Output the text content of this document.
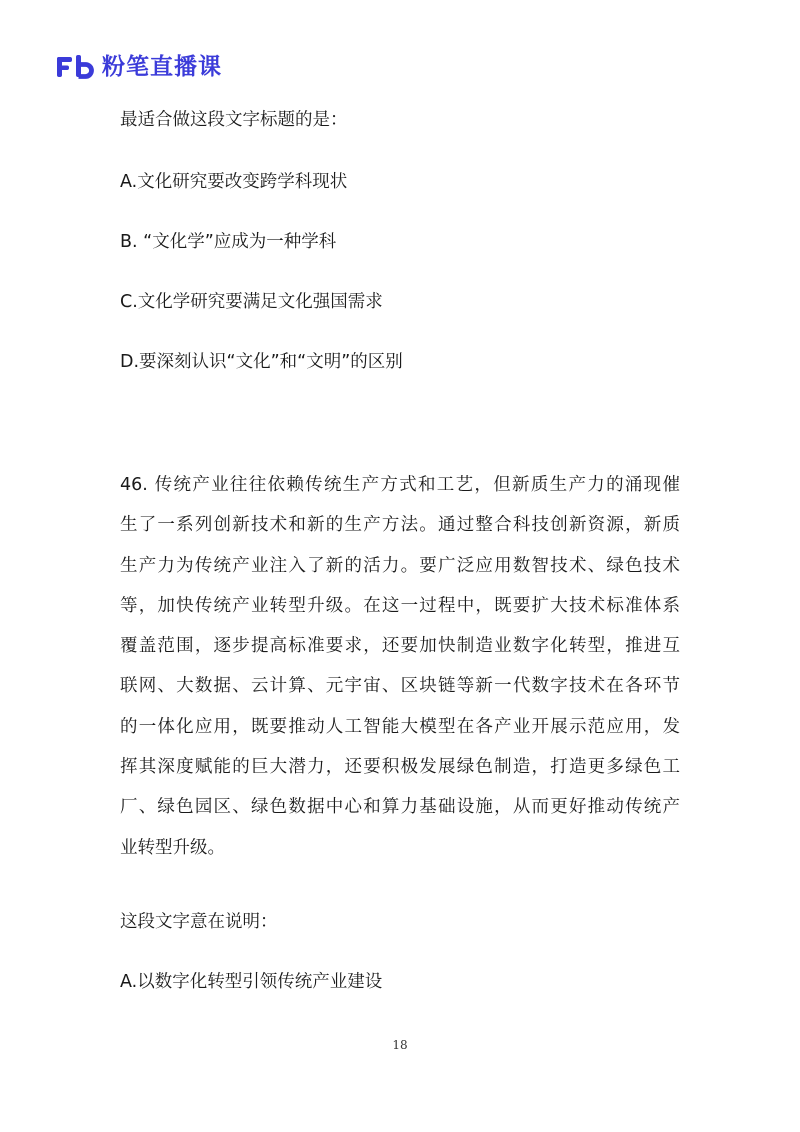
粉笔直播课
最适合做这段文字标题的是：
A.文化研究要改变跨学科现状
B. “文化学”应成为一种学科
C.文化学研究要满足文化强国需求
D.要深刻认识“文化”和“文明”的区别
46. 传统产业往往依赖传统生产方式和工艺，但新质生产力的涌现催
生了一系列创新技术和新的生产方法。通过整合科技创新资源，新质
生产力为传统产业注入了新的活力。要广泛应用数智技术、绿色技术
等，加快传统产业转型升级。在这一过程中，既要扩大技术标准体系
覆盖范围，逐步提高标准要求，还要加快制造业数字化转型，推进互
联网、大数据、云计算、元宇宙、区块链等新一代数字技术在各环节
的一体化应用，既要推动人工智能大模型在各产业开展示范应用，发
挥其深度赋能的巨大潜力，还要积极发展绿色制造，打造更多绿色工
厂、绿色园区、绿色数据中心和算力基础设施，从而更好推动传统产
业转型升级。
这段文字意在说明：
A.以数字化转型引领传统产业建设
18
